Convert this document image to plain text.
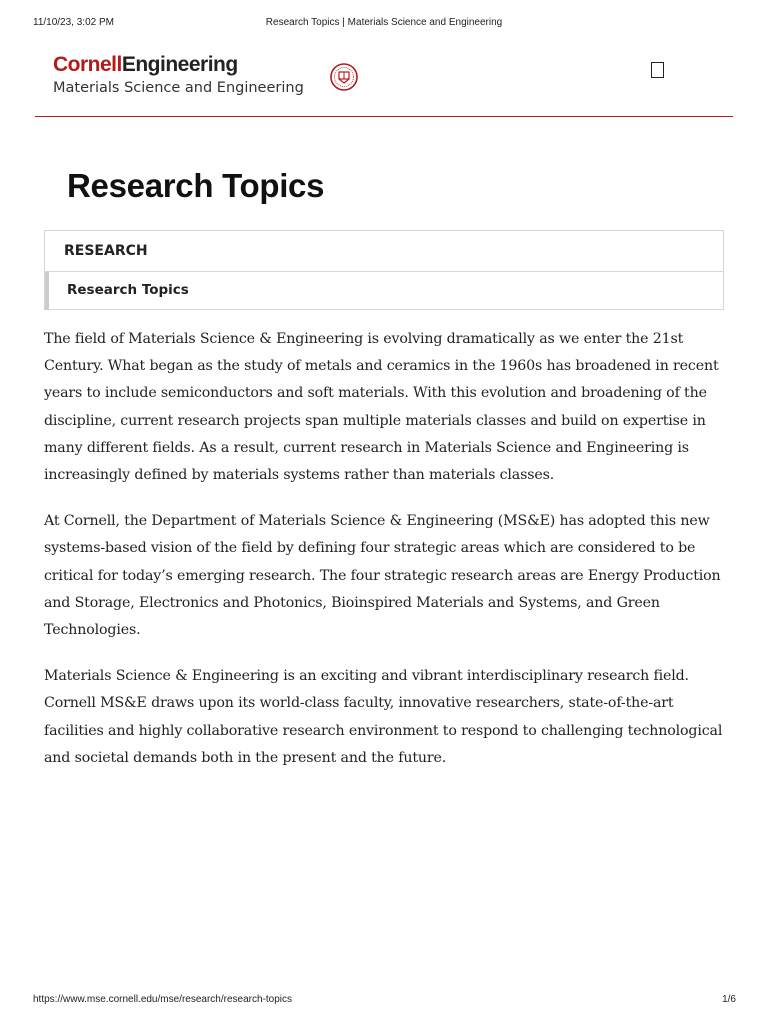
11/10/23, 3:02 PM	Research Topics | Materials Science and Engineering
CornellEngineering
Materials Science and Engineering
Research Topics
RESEARCH
Research Topics

The field of Materials Science & Engineering is evolving dramatically as we enter the 21st Century. What began as the study of metals and ceramics in the 1960s has broadened in recent years to include semiconductors and soft materials. With this evolution and broadening of the discipline, current research projects span multiple materials classes and build on expertise in many different fields. As a result, current research in Materials Science and Engineering is increasingly defined by materials systems rather than materials classes.

At Cornell, the Department of Materials Science & Engineering (MS&E) has adopted this new systems-based vision of the field by defining four strategic areas which are considered to be critical for today’s emerging research. The four strategic research areas are Energy Production and Storage, Electronics and Photonics, Bioinspired Materials and Systems, and Green Technologies.

Materials Science & Engineering is an exciting and vibrant interdisciplinary research field. Cornell MS&E draws upon its world-class faculty, innovative researchers, state-of-the-art facilities and highly collaborative research environment to respond to challenging technological and societal demands both in the present and the future.

https://www.mse.cornell.edu/mse/research/research-topics	1/6
